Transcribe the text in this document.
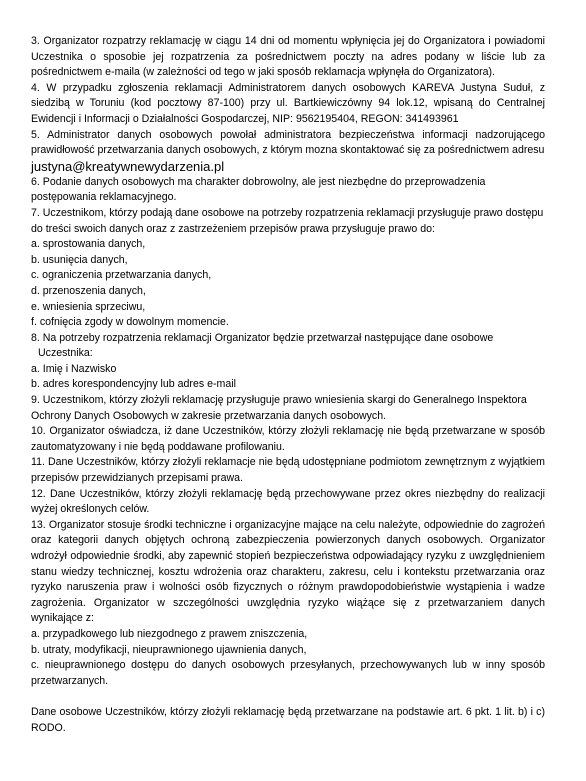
3. Organizator rozpatrzy reklamację w ciągu 14 dni od momentu wpłynięcia jej do Organizatora i powiadomi Uczestnika o sposobie jej rozpatrzenia za pośrednictwem poczty na adres podany w liście lub za pośrednictwem e-maila (w zależności od tego w jaki sposób reklamacja wpłynęła do Organizatora).

4. W przypadku zgłoszenia reklamacji Administratorem danych osobowych KAREVA Justyna Suduł, z siedzibą w Toruniu (kod pocztowy 87-100) przy ul. Bartkiewiczówny 94 lok.12, wpisaną do Centralnej Ewidencji i Informacji o Działalności Gospodarczej, NIP: 9562195404, REGON: 341493961

5. Administrator danych osobowych powołał administratora bezpieczeństwa informacji nadzorującego prawidłowość przetwarzania danych osobowych, z którym mozna skontaktować się za pośrednictwem adresu

justyna@kreatywnewydarzenia.pl

6. Podanie danych osobowych ma charakter dobrowolny, ale jest niezbędne do przeprowadzenia postępowania reklamacyjnego.

7. Uczestnikom, którzy podają dane osobowe na potrzeby rozpatrzenia reklamacji przysługuje prawo dostępu do treści swoich danych oraz z zastrzeżeniem przepisów prawa przysługuje prawo do:

a. sprostowania danych,

b. usunięcia danych,

c. ograniczenia przetwarzania danych,

d. przenoszenia danych,

e. wniesienia sprzeciwu,

f. cofnięcia zgody w dowolnym momencie.

8. Na potrzeby rozpatrzenia reklamacji Organizator będzie przetwarzał następujące dane osobowe

Uczestnika:

a. Imię i Nazwisko

b. adres korespondencyjny lub adres e-mail

9. Uczestnikom, którzy złożyli reklamację przysługuje prawo wniesienia skargi do Generalnego Inspektora Ochrony Danych Osobowych w zakresie przetwarzania danych osobowych.

10. Organizator oświadcza, iż dane Uczestników, którzy złożyli reklamację nie będą przetwarzane w sposób zautomatyzowany i nie będą poddawane profilowaniu.

11. Dane Uczestników, którzy złożyli reklamacje nie będą udostępniane podmiotom zewnętrznym z wyjątkiem przepisów przewidzianych przepisami prawa.

12. Dane Uczestników, którzy złożyli reklamację będą przechowywane przez okres niezbędny do realizacji wyżej określonych celów.

13. Organizator stosuje środki techniczne i organizacyjne mające na celu należyte, odpowiednie do zagrożeń oraz kategorii danych objętych ochroną zabezpieczenia powierzonych danych osobowych. Organizator wdrożył odpowiednie środki, aby zapewnić stopień bezpieczeństwa odpowiadający ryzyku z uwzględnieniem stanu wiedzy technicznej, kosztu wdrożenia oraz charakteru, zakresu, celu i kontekstu przetwarzania oraz ryzyko naruszenia praw i wolności osób fizycznych o różnym prawdopodobieństwie wystąpienia i wadze zagrożenia. Organizator w szczególności uwzględnia ryzyko wiążące się z przetwarzaniem danych wynikające z:

a. przypadkowego lub niezgodnego z prawem zniszczenia,

b. utraty, modyfikacji, nieuprawnionego ujawnienia danych,

c. nieuprawnionego dostępu do danych osobowych przesyłanych, przechowywanych lub w inny sposób przetwarzanych.

Dane osobowe Uczestników, którzy złożyli reklamację będą przetwarzane na podstawie art. 6 pkt. 1 lit. b) i c) RODO.
